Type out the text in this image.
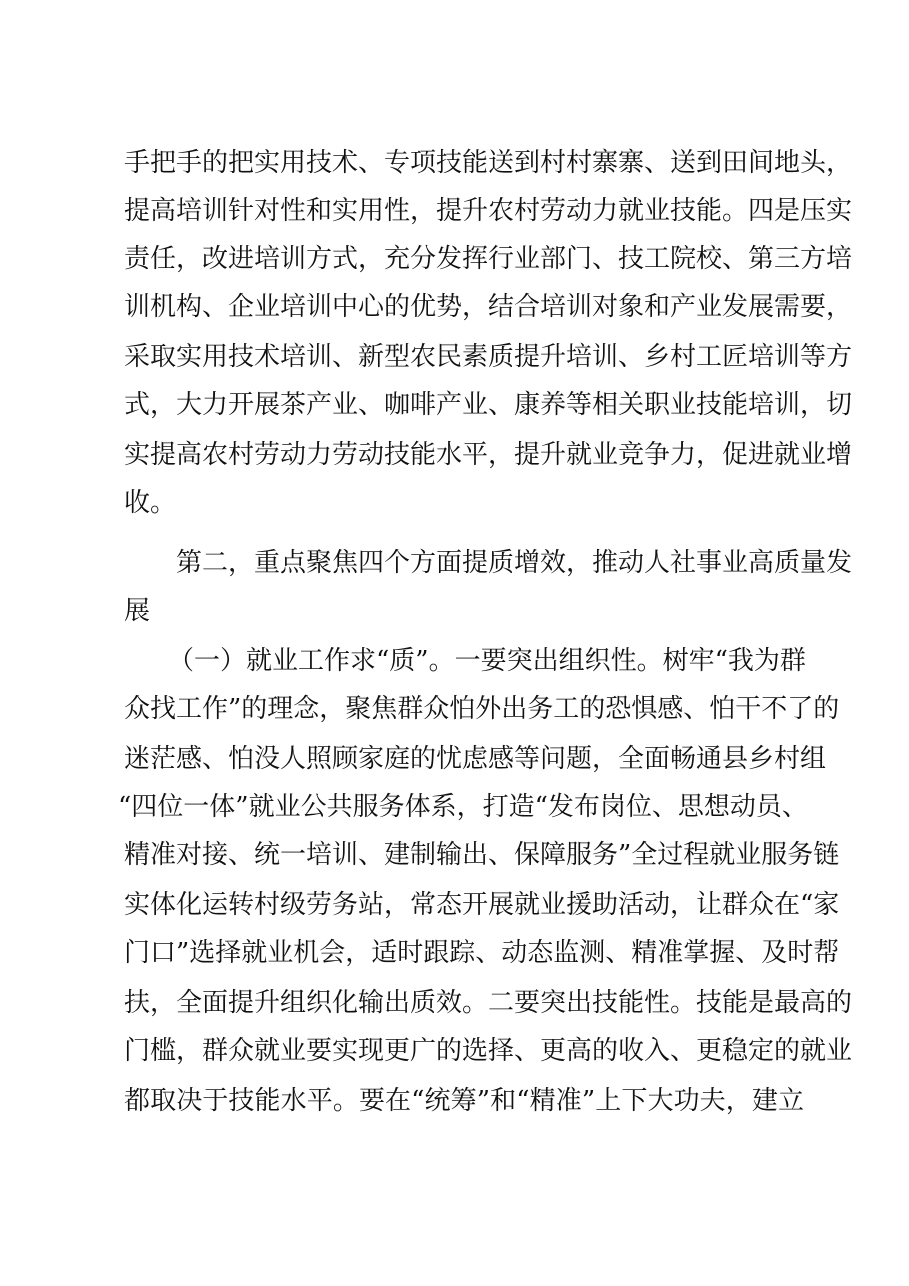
手把手的把实用技术、专项技能送到村村寨寨、送到田间地头，
提高培训针对性和实用性，提升农村劳动力就业技能。四是压实
责任，改进培训方式，充分发挥行业部门、技工院校、第三方培
训机构、企业培训中心的优势，结合培训对象和产业发展需要，
采取实用技术培训、新型农民素质提升培训、乡村工匠培训等方
式，大力开展茶产业、咖啡产业、康养等相关职业技能培训，切
实提高农村劳动力劳动技能水平，提升就业竞争力，促进就业增
收。
第二，重点聚焦四个方面提质增效，推动人社事业高质量发
展
（一）就业工作求“质”。一要突出组织性。树牢“我为群
众找工作”的理念，聚焦群众怕外出务工的恐惧感、怕干不了的
迷茫感、怕没人照顾家庭的忧虑感等问题，全面畅通县乡村组
“四位一体”就业公共服务体系，打造“发布岗位、思想动员、
精准对接、统一培训、建制输出、保障服务”全过程就业服务链
实体化运转村级劳务站，常态开展就业援助活动，让群众在“家
门口”选择就业机会，适时跟踪、动态监测、精准掌握、及时帮
扶，全面提升组织化输出质效。二要突出技能性。技能是最高的
门槛，群众就业要实现更广的选择、更高的收入、更稳定的就业
都取决于技能水平。要在“统筹”和“精准”上下大功夫，建立
